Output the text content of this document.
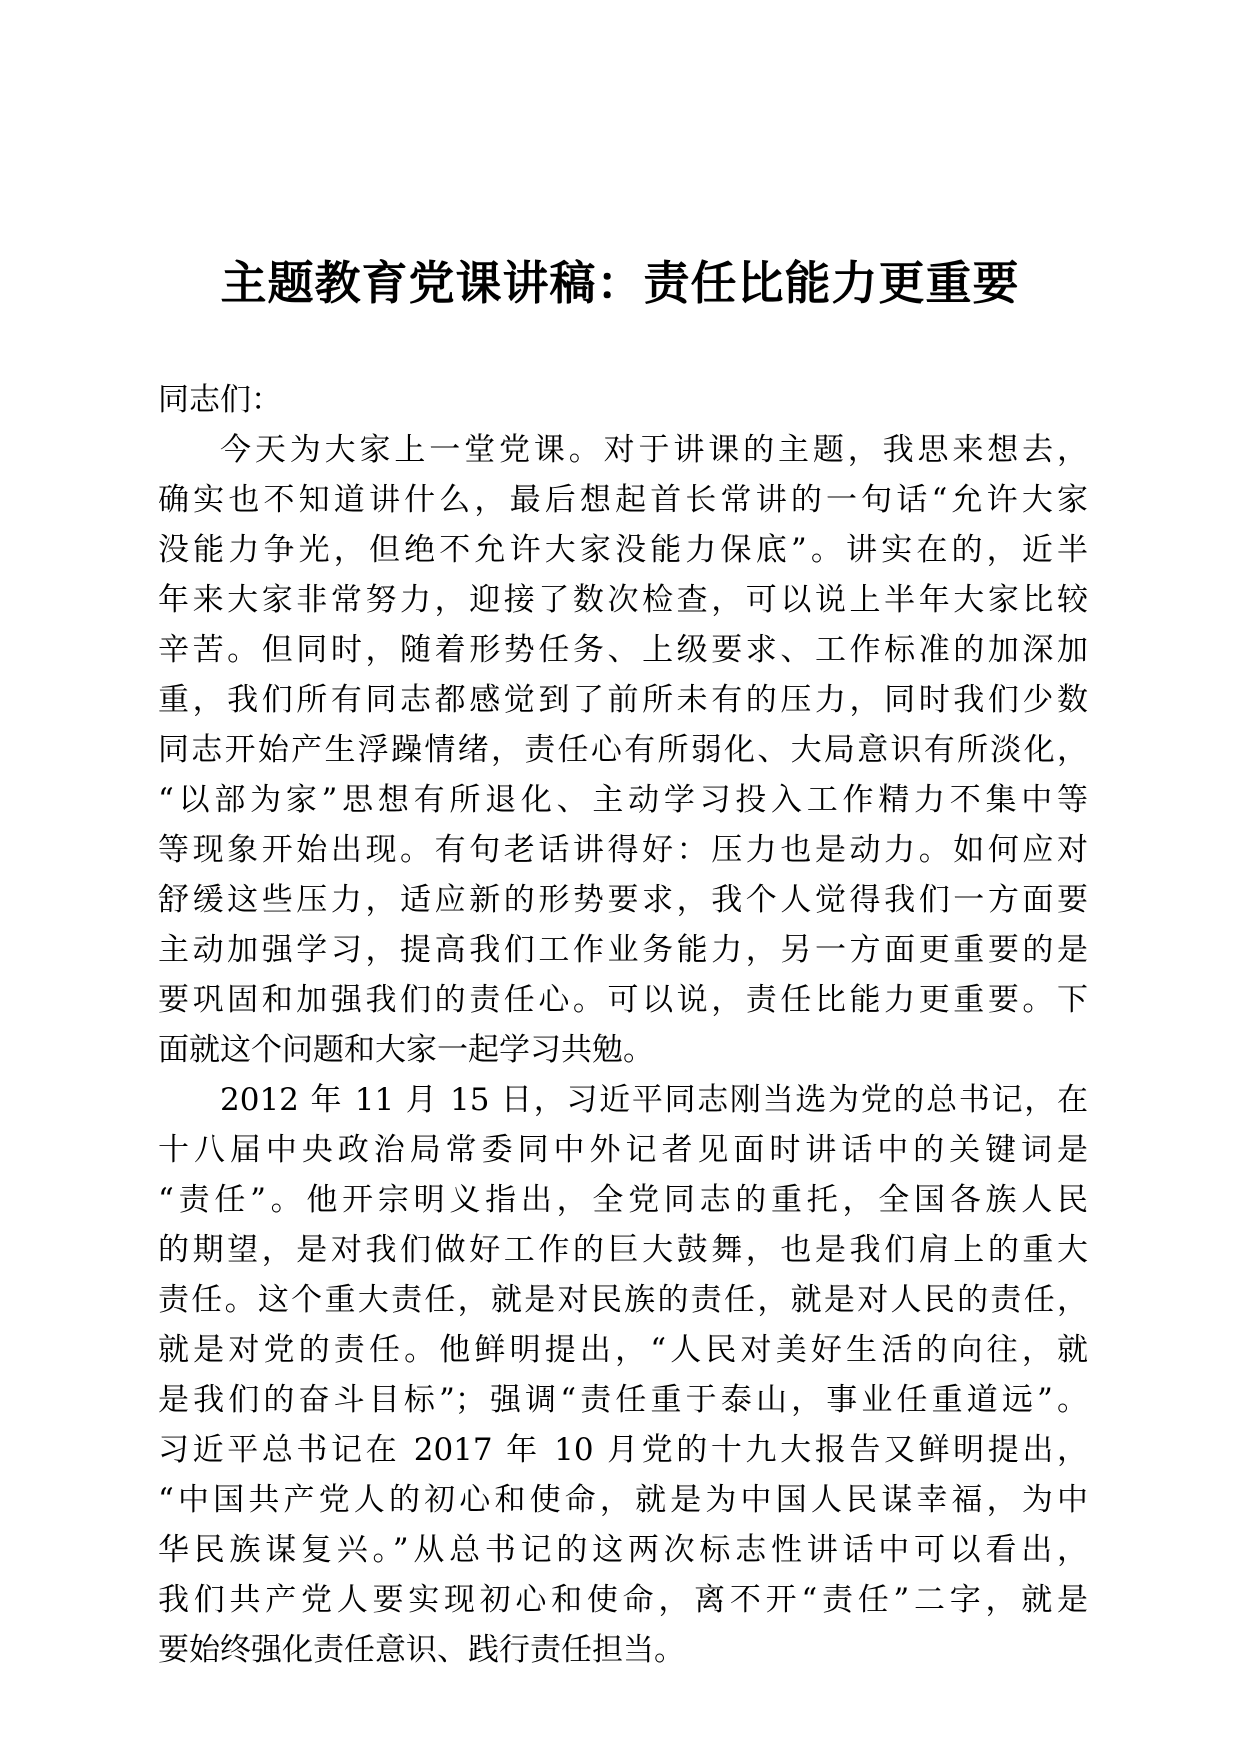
主题教育党课讲稿：责任比能力更重要
同志们：
今天为大家上一堂党课。对于讲课的主题，我思来想去，
确实也不知道讲什么，最后想起首长常讲的一句话“允许大家
没能力争光，但绝不允许大家没能力保底”。讲实在的，近半
年来大家非常努力，迎接了数次检查，可以说上半年大家比较
辛苦。但同时，随着形势任务、上级要求、工作标准的加深加
重，我们所有同志都感觉到了前所未有的压力，同时我们少数
同志开始产生浮躁情绪，责任心有所弱化、大局意识有所淡化，
“以部为家”思想有所退化、主动学习投入工作精力不集中等
等现象开始出现。有句老话讲得好：压力也是动力。如何应对
舒缓这些压力，适应新的形势要求，我个人觉得我们一方面要
主动加强学习，提高我们工作业务能力，另一方面更重要的是
要巩固和加强我们的责任心。可以说，责任比能力更重要。下
面就这个问题和大家一起学习共勉。
2012 年 11 月 15 日，习近平同志刚当选为党的总书记，在
十八届中央政治局常委同中外记者见面时讲话中的关键词是
“责任”。他开宗明义指出，全党同志的重托，全国各族人民
的期望，是对我们做好工作的巨大鼓舞，也是我们肩上的重大
责任。这个重大责任，就是对民族的责任，就是对人民的责任，
就是对党的责任。他鲜明提出，“人民对美好生活的向往，就
是我们的奋斗目标”；强调“责任重于泰山，事业任重道远”。
习近平总书记在 2017 年 10 月党的十九大报告又鲜明提出，
“中国共产党人的初心和使命，就是为中国人民谋幸福，为中
华民族谋复兴。”从总书记的这两次标志性讲话中可以看出，
我们共产党人要实现初心和使命，离不开“责任”二字，就是
要始终强化责任意识、践行责任担当。
